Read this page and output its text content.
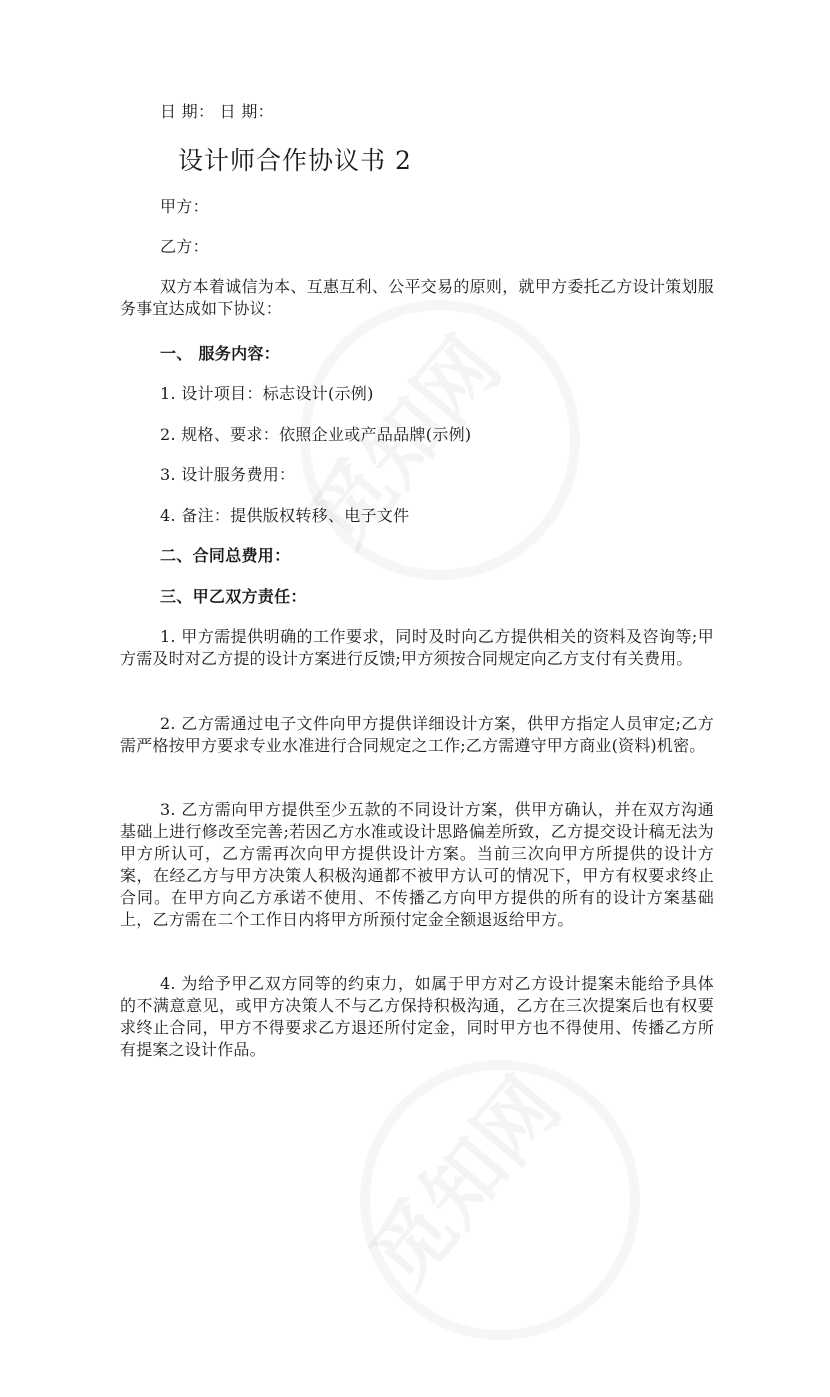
日 期： 日 期：
设计师合作协议书 2
甲方：
乙方：
双方本着诚信为本、互惠互利、公平交易的原则，就甲方委托乙方设计策划服务事宜达成如下协议：
一、 服务内容：
1. 设计项目：标志设计(示例)
2. 规格、要求：依照企业或产品品牌(示例)
3. 设计服务费用：
4. 备注：提供版权转移、电子文件
二、合同总费用：
三、甲乙双方责任：
1. 甲方需提供明确的工作要求，同时及时向乙方提供相关的资料及咨询等;甲方需及时对乙方提的设计方案进行反馈;甲方须按合同规定向乙方支付有关费用。
2. 乙方需通过电子文件向甲方提供详细设计方案，供甲方指定人员审定;乙方需严格按甲方要求专业水准进行合同规定之工作;乙方需遵守甲方商业(资料)机密。
3. 乙方需向甲方提供至少五款的不同设计方案，供甲方确认，并在双方沟通基础上进行修改至完善;若因乙方水准或设计思路偏差所致，乙方提交设计稿无法为甲方所认可，乙方需再次向甲方提供设计方案。当前三次向甲方所提供的设计方案，在经乙方与甲方决策人积极沟通都不被甲方认可的情况下，甲方有权要求终止合同。在甲方向乙方承诺不使用、不传播乙方向甲方提供的所有的设计方案基础上，乙方需在二个工作日内将甲方所预付定金全额退返给甲方。
4. 为给予甲乙双方同等的约束力，如属于甲方对乙方设计提案未能给予具体的不满意意见，或甲方决策人不与乙方保持积极沟通，乙方在三次提案后也有权要求终止合同，甲方不得要求乙方退还所付定金，同时甲方也不得使用、传播乙方所有提案之设计作品。
